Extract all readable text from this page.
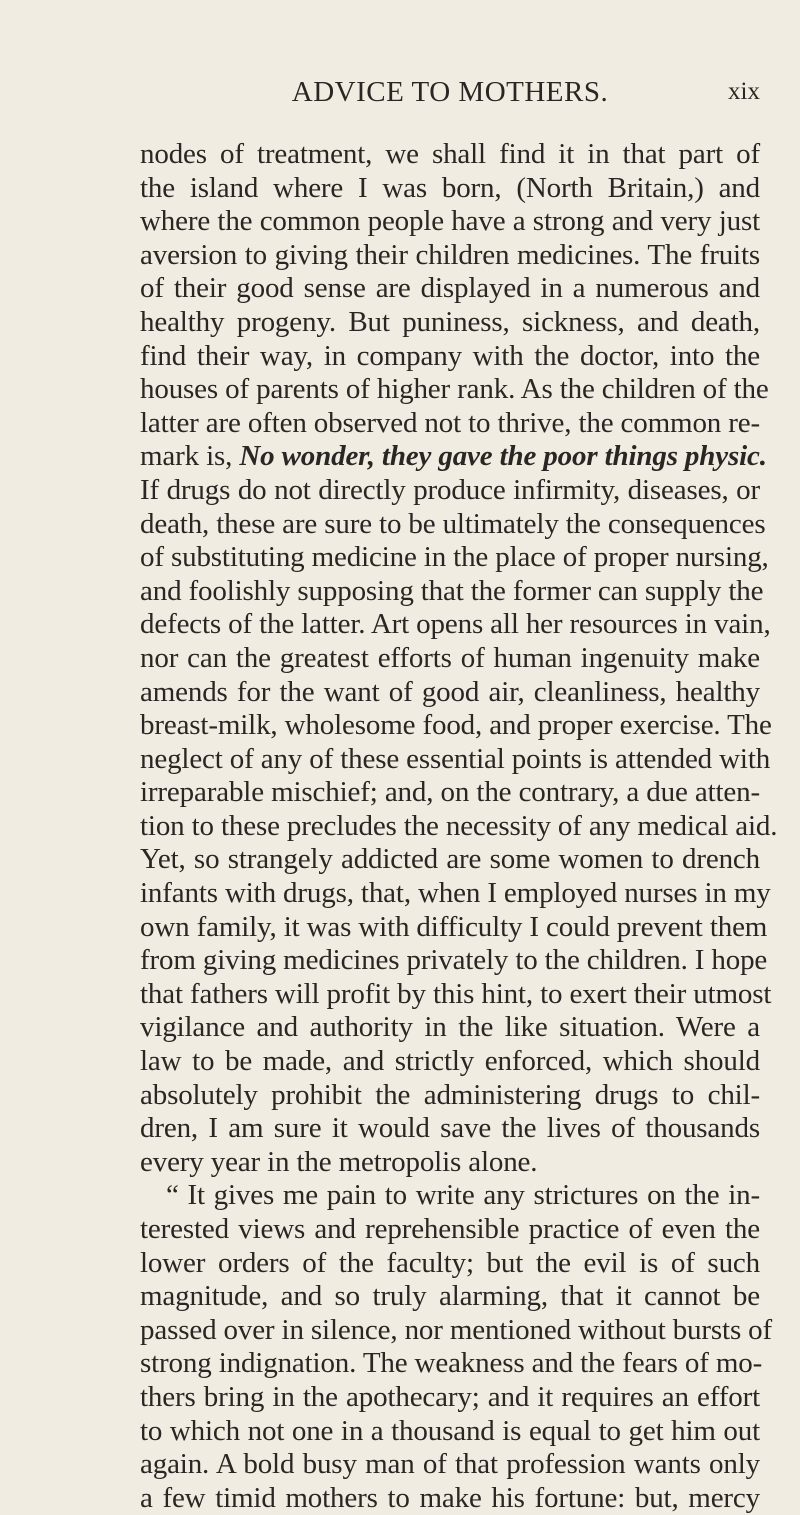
ADVICE TO MOTHERS.	xix
nodes of treatment, we shall find it in that part of
the island where I was born, (North Britain,) and
where the common people have a strong and very just
aversion to giving their children medicines. The fruits
of their good sense are displayed in a numerous and
healthy progeny. But puniness, sickness, and death,
find their way, in company with the doctor, into the
houses of parents of higher rank. As the children of the
latter are often observed not to thrive, the common re-
mark is, No wonder, they gave the poor things physic.
If drugs do not directly produce infirmity, diseases, or
death, these are sure to be ultimately the consequences
of substituting medicine in the place of proper nursing,
and foolishly supposing that the former can supply the
defects of the latter. Art opens all her resources in vain,
nor can the greatest efforts of human ingenuity make
amends for the want of good air, cleanliness, healthy
breast-milk, wholesome food, and proper exercise. The
neglect of any of these essential points is attended with
irreparable mischief; and, on the contrary, a due atten-
tion to these precludes the necessity of any medical aid.
Yet, so strangely addicted are some women to drench
infants with drugs, that, when I employed nurses in my
own family, it was with difficulty I could prevent them
from giving medicines privately to the children. I hope
that fathers will profit by this hint, to exert their utmost
vigilance and authority in the like situation. Were a
law to be made, and strictly enforced, which should
absolutely prohibit the administering drugs to chil-
dren, I am sure it would save the lives of thousands
every year in the metropolis alone.
“ It gives me pain to write any strictures on the in-
terested views and reprehensible practice of even the
lower orders of the faculty; but the evil is of such
magnitude, and so truly alarming, that it cannot be
passed over in silence, nor mentioned without bursts of
strong indignation. The weakness and the fears of mo-
thers bring in the apothecary; and it requires an effort
to which not one in a thousand is equal to get him out
again. A bold busy man of that profession wants only
a few timid mothers to make his fortune: but, mercy
